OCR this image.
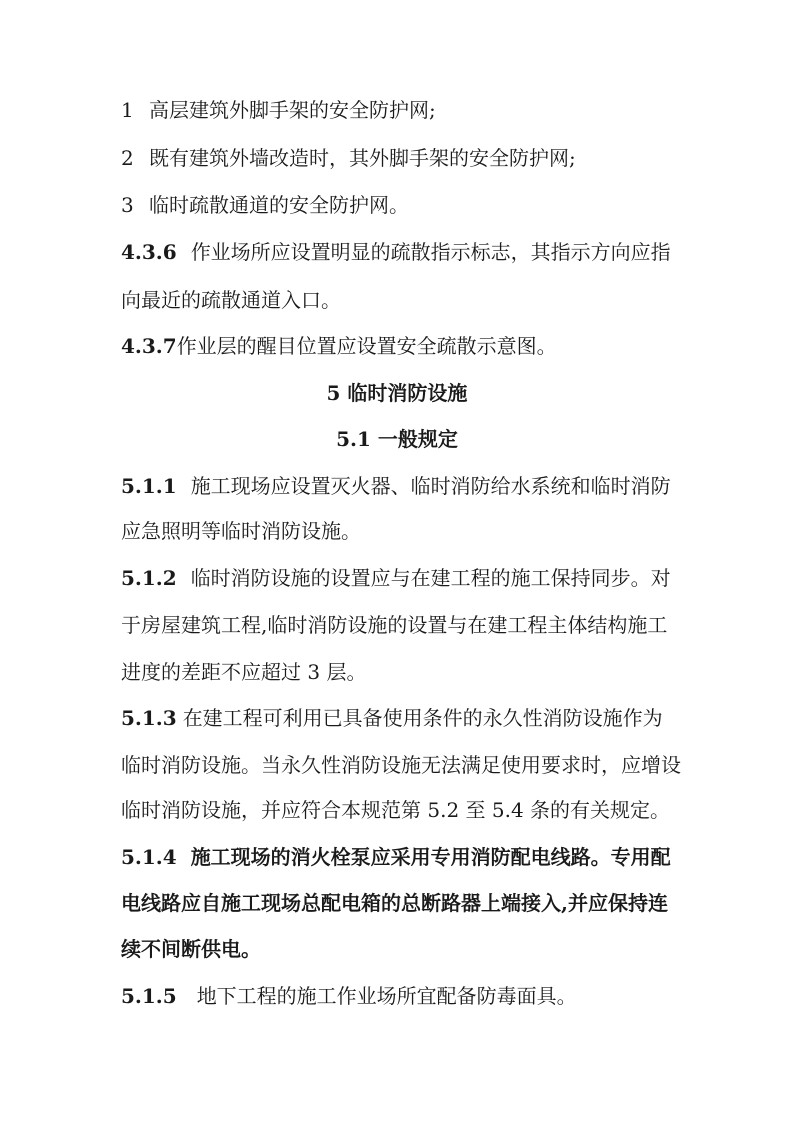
1 高层建筑外脚手架的安全防护网;
2 既有建筑外墙改造时，其外脚手架的安全防护网;
3 临时疏散通道的安全防护网。
4.3.6 作业场所应设置明显的疏散指示标志，其指示方向应指
向最近的疏散通道入口。
4.3.7作业层的醒目位置应设置安全疏散示意图。
5 临时消防设施
5.1 一般规定
5.1.1 施工现场应设置灭火器、临时消防给水系统和临时消防
应急照明等临时消防设施。
5.1.2 临时消防设施的设置应与在建工程的施工保持同步。对
于房屋建筑工程,临时消防设施的设置与在建工程主体结构施工
进度的差距不应超过 3 层。
5.1.3 在建工程可利用已具备使用条件的永久性消防设施作为
临时消防设施。当永久性消防设施无法满足使用要求时，应增设
临时消防设施，并应符合本规范第 5.2 至 5.4 条的有关规定。
5.1.4 施工现场的消火栓泵应采用专用消防配电线路。专用配
电线路应自施工现场总配电箱的总断路器上端接入,并应保持连
续不间断供电。
5.1.5 地下工程的施工作业场所宜配备防毒面具。
